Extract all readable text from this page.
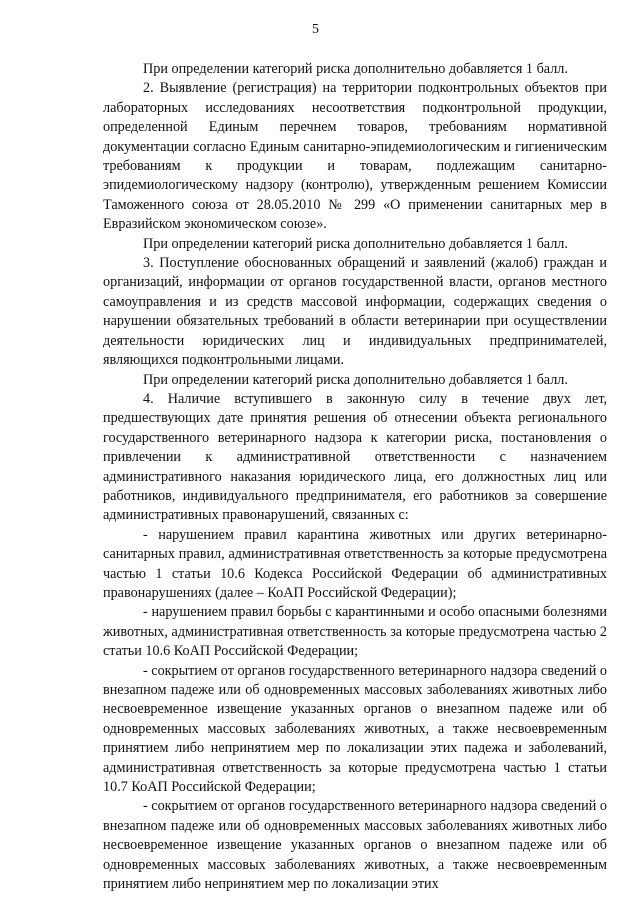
5

При определении категорий риска дополнительно добавляется 1 балл.

2. Выявление (регистрация) на территории подконтрольных объектов при лабораторных исследованиях несоответствия подконтрольной продукции, определенной Единым перечнем товаров, требованиям нормативной документации согласно Единым санитарно-эпидемиологическим и гигиеническим требованиям к продукции и товарам, подлежащим санитарно-эпидемиологическому надзору (контролю), утвержденным решением Комиссии Таможенного союза от 28.05.2010 № 299 «О применении санитарных мер в Евразийском экономическом союзе».

При определении категорий риска дополнительно добавляется 1 балл.

3. Поступление обоснованных обращений и заявлений (жалоб) граждан и организаций, информации от органов государственной власти, органов местного самоуправления и из средств массовой информации, содержащих сведения о нарушении обязательных требований в области ветеринарии при осуществлении деятельности юридических лиц и индивидуальных предпринимателей, являющихся подконтрольными лицами.

При определении категорий риска дополнительно добавляется 1 балл.

4. Наличие вступившего в законную силу в течение двух лет, предшествующих дате принятия решения об отнесении объекта регионального государственного ветеринарного надзора к категории риска, постановления о привлечении к административной ответственности с назначением административного наказания юридического лица, его должностных лиц или работников, индивидуального предпринимателя, его работников за совершение административных правонарушений, связанных с:

- нарушением правил карантина животных или других ветеринарно-санитарных правил, административная ответственность за которые предусмотрена частью 1 статьи 10.6 Кодекса Российской Федерации об административных правонарушениях (далее – КоАП Российской Федерации);

- нарушением правил борьбы с карантинными и особо опасными болезнями животных, административная ответственность за которые предусмотрена частью 2 статьи 10.6 КоАП Российской Федерации;

- сокрытием от органов государственного ветеринарного надзора сведений о внезапном падеже или об одновременных массовых заболеваниях животных либо несвоевременное извещение указанных органов о внезапном падеже или об одновременных массовых заболеваниях животных, а также несвоевременным принятием либо непринятием мер по локализации этих падежа и заболеваний, административная ответственность за которые предусмотрена частью 1 статьи 10.7 КоАП Российской Федерации;

- сокрытием от органов государственного ветеринарного надзора сведений о внезапном падеже или об одновременных массовых заболеваниях животных либо несвоевременное извещение указанных органов о внезапном падеже или об одновременных массовых заболеваниях животных, а также несвоевременным принятием либо непринятием мер по локализации этих
